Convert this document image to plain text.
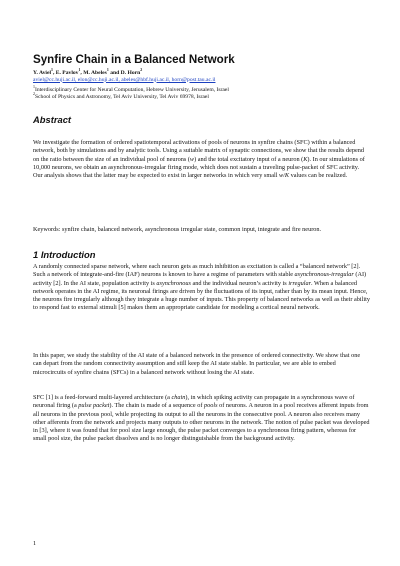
Synfire Chain in a Balanced Network
Y. Aviel$^1$, E. Pavlov$^1$, M. Abeles$^1$ and D. Horn$^2$
aviel@cc.huji.ac.il, elon@cc.huji.ac.il, abeles@hbf.huji.ac.il, horn@post.tau.ac.il
$^1$Interdisciplinary Center for Neural Computation, Hebrew University, Jerusalem, Israel
$^2$School of Physics and Astronomy, Tel Aviv University, Tel Aviv 69978, Israel
Abstract

We investigate the formation of ordered spatiotemporal activations of pools of neurons in synfire chains (SFC) within a balanced network, both by simulations and by analytic tools. Using a suitable matrix of synaptic connections, we show that the results depend on the ratio between the size of an individual pool of neurons (w) and the total excitatory input of a neuron (K). In our simulations of 10,000 neurons, we obtain an asynchronous-irregular firing mode, which does not sustain a traveling pulse-packet of SFC activity. Our analysis shows that the latter may be expected to exist in larger networks in which very small w/K values can be realized.

Keywords: synfire chain, balanced network, asynchronous irregular state, common input, integrate and fire neuron.

1 Introduction

A randomly connected sparse network, where each neuron gets as much inhibition as excitation is called a “balanced network” [2]. Such a network of integrate-and-fire (IAF) neurons is known to have a regime of parameters with stable asynchronous-irregular (AI) activity [2]. In the AI state, population activity is asynchronous and the individual neuron’s activity is irregular. When a balanced network operates in the AI regime, its neuronal firings are driven by the fluctuations of its input, rather than by its mean input. Hence, the neurons fire irregularly although they integrate a huge number of inputs. This property of balanced networks as well as their ability to respond fast to external stimuli [5] makes them an appropriate candidate for modeling a cortical neural network.

In this paper, we study the stability of the AI state of a balanced network in the presence of ordered connectivity. We show that one can depart from the random connectivity assumption and still keep the AI state stable. In particular, we are able to embed microcircuits of synfire chains (SFCs) in a balanced network without losing the AI state.

SFC [1] is a feed-forward multi-layered architecture (a chain), in which spiking activity can propagate in a synchronous wave of neuronal firing (a pulse packet). The chain is made of a sequence of pools of neurons. A neuron in a pool receives afferent inputs from all neurons in the previous pool, while projecting its output to all the neurons in the consecutive pool. A neuron also receives many other afferents from the network and projects many outputs to other neurons in the network. The notion of pulse packet was developed in [3], where it was found that for pool size large enough, the pulse packet converges to a synchronous firing pattern, whereas for small pool size, the pulse packet dissolves and is no longer distinguishable from the background activity.

1
